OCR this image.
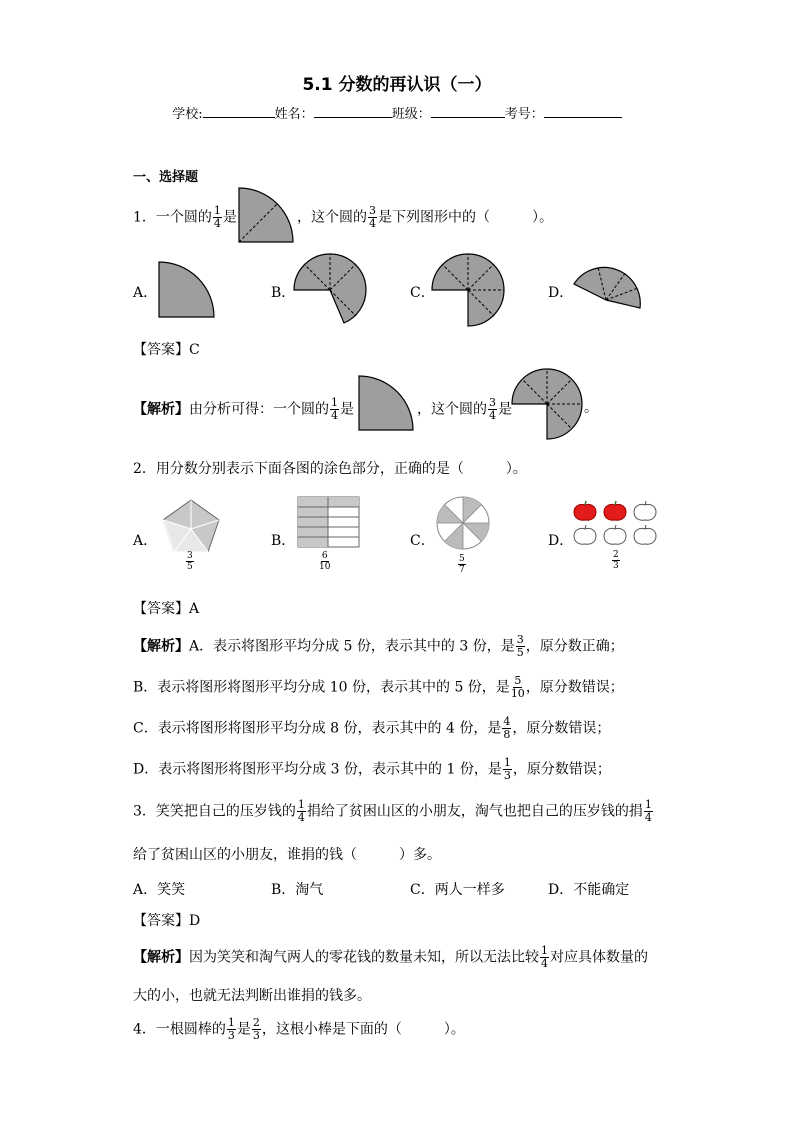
5.1 分数的再认识（一）
学校:	姓名：	班级：	考号：
一、选择题
1．一个圆的 $\frac{1}{4}$ 是	，这个圆的 $\frac{3}{4}$ 是下列图形中的（　　　）。
A．	B．	C．	D．
【答案】C
【解析】由分析可得：一个圆的 $\frac{1}{4}$ 是	，这个圆的 $\frac{3}{4}$ 是	。
2．用分数分别表示下面各图的涂色部分，正确的是（　　　）。
A．
$\frac{3}{5}$
B．
$\frac{6}{10}$
C．
$\frac{5}{7}$
D．
$\frac{2}{3}$
【答案】A
【解析】A．表示将图形平均分成 5 份，表示其中的 3 份，是 $\frac{3}{5}$ ，原分数正确；
B．表示将图形将图形平均分成 10 份，表示其中的 5 份，是 $\frac{5}{10}$ ，原分数错误；
C．表示将图形将图形平均分成 8 份，表示其中的 4 份，是 $\frac{4}{8}$ ，原分数错误；
D．表示将图形将图形平均分成 3 份，表示其中的 1 份，是 $\frac{1}{3}$ ，原分数错误；
3．笑笑把自己的压岁钱的 $\frac{1}{4}$ 捐给了贫困山区的小朋友，淘气也把自己的压岁钱的捐 $\frac{1}{4}$
给了贫困山区的小朋友，谁捐的钱（　　　）多。
A．笑笑	B．淘气	C．两人一样多	D．不能确定
【答案】D
【解析】因为笑笑和淘气两人的零花钱的数量未知，所以无法比较 $\frac{1}{4}$ 对应具体数量的
大的小，也就无法判断出谁捐的钱多。
4．一根圆棒的 $\frac{1}{3}$ 是 $\frac{2}{3}$ ，这根小棒是下面的（　　　）。
